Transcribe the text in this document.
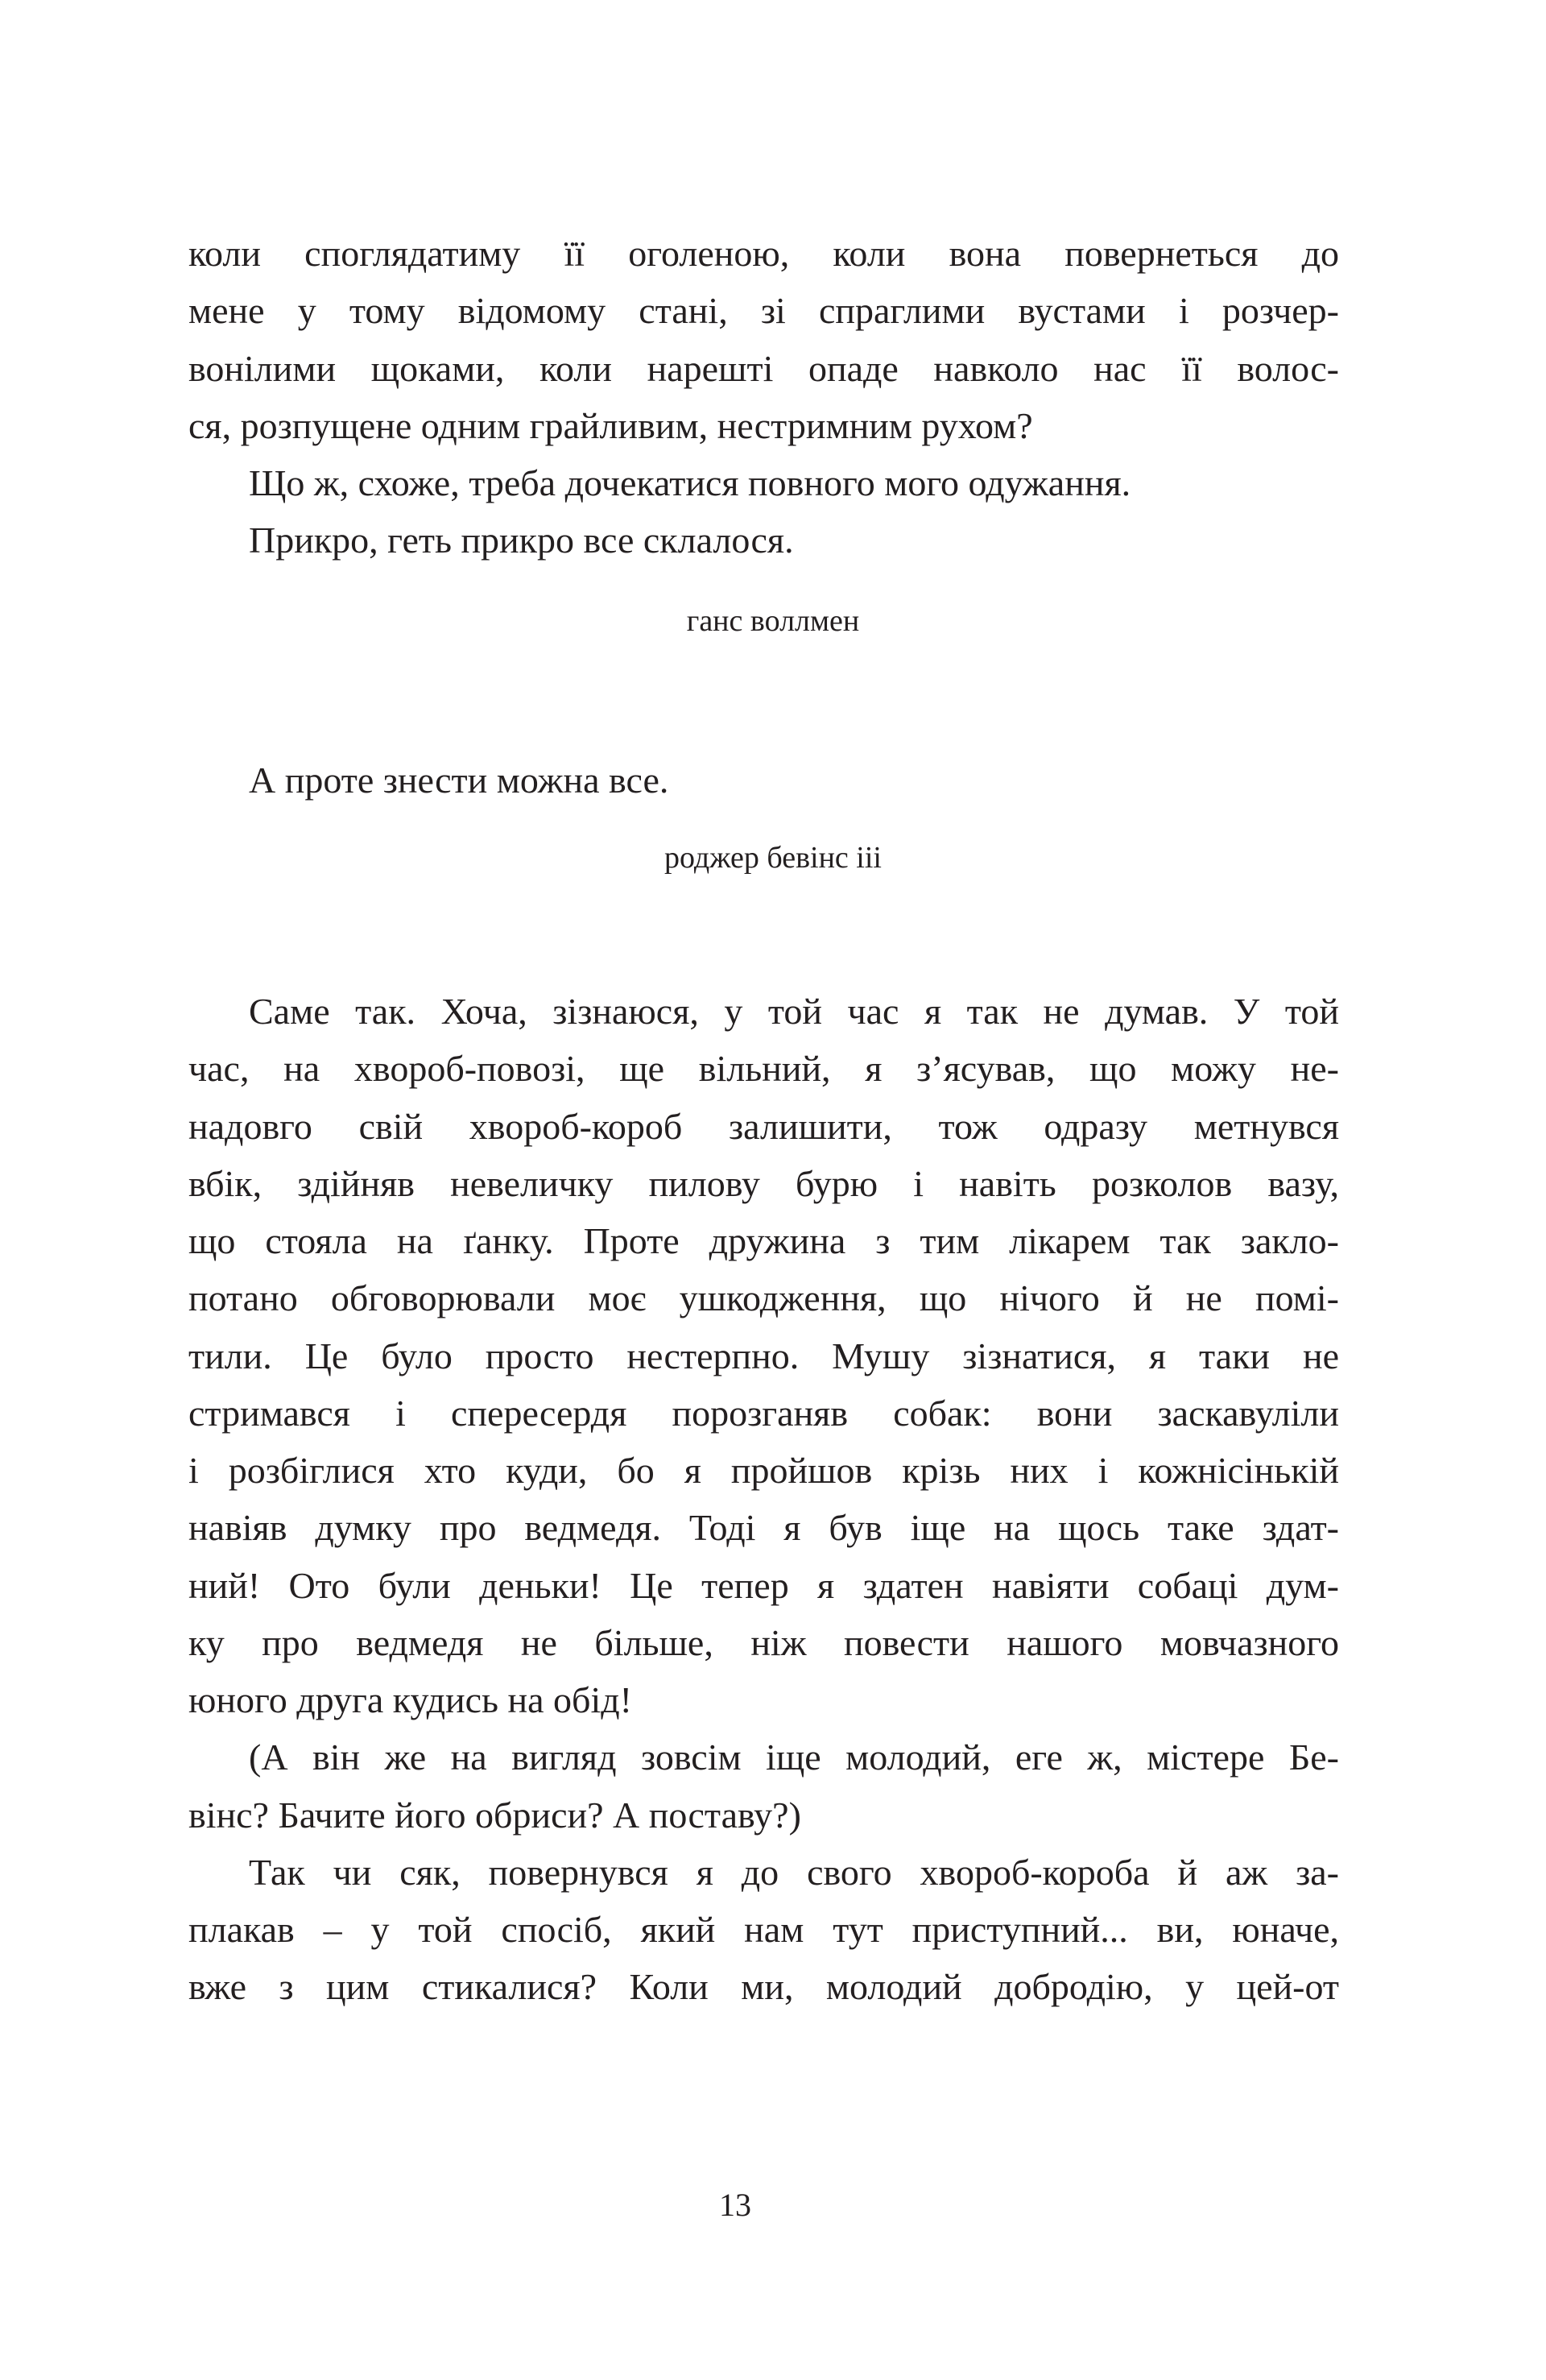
коли споглядатиму її оголеною, коли вона повернеться до
мене у тому відомому стані, зі спраглими вустами і розчер-
вонілими щоками, коли нарешті опаде навколо нас її волос-
ся, розпущене одним грайливим, нестримним рухом?
Що ж, схоже, треба дочекатися повного мого одужання.
Прикро, геть прикро все склалося.
ганс воллмен
А проте знести можна все.
роджер бевінс ііі
Саме так. Хоча, зізнаюся, у той час я так не думав. У той
час, на хвороб-повозі, ще вільний, я з’ясував, що можу не-
надовго свій хвороб-короб залишити, тож одразу метнувся
вбік, здійняв невеличку пилову бурю і навіть розколов вазу,
що стояла на ґанку. Проте дружина з тим лікарем так закло-
потано обговорювали моє ушкодження, що нічого й не помі-
тили. Це було просто нестерпно. Мушу зізнатися, я таки не
стримався і спересердя порозганяв собак: вони заскавуліли
і розбіглися хто куди, бо я пройшов крізь них і кожнісінькій
навіяв думку про ведмедя. Тоді я був іще на щось таке здат-
ний! Ото були деньки! Це тепер я здатен навіяти собаці дум-
ку про ведмедя не більше, ніж повести нашого мовчазного
юного друга кудись на обід!
(А він же на вигляд зовсім іще молодий, еге ж, містере Бе-
вінс? Бачите його обриси? А поставу?)
Так чи сяк, повернувся я до свого хвороб-короба й аж за-
плакав – у той спосіб, який нам тут приступний... ви, юначе,
вже з цим стикалися? Коли ми, молодий добродію, у цей-от
13
